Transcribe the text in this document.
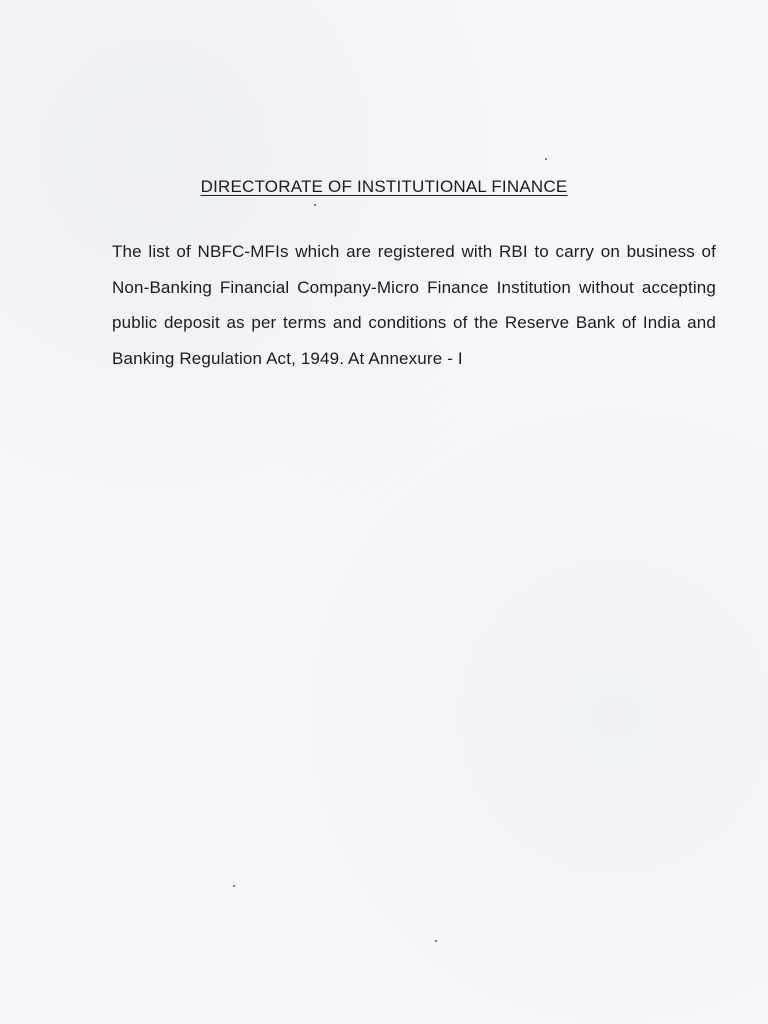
DIRECTORATE OF INSTITUTIONAL FINANCE
The list of NBFC-MFIs which are registered with RBI to carry on business of Non-Banking Financial Company-Micro Finance Institution without accepting public deposit as per terms and conditions of the Reserve Bank of India and Banking Regulation Act, 1949. At Annexure - I
